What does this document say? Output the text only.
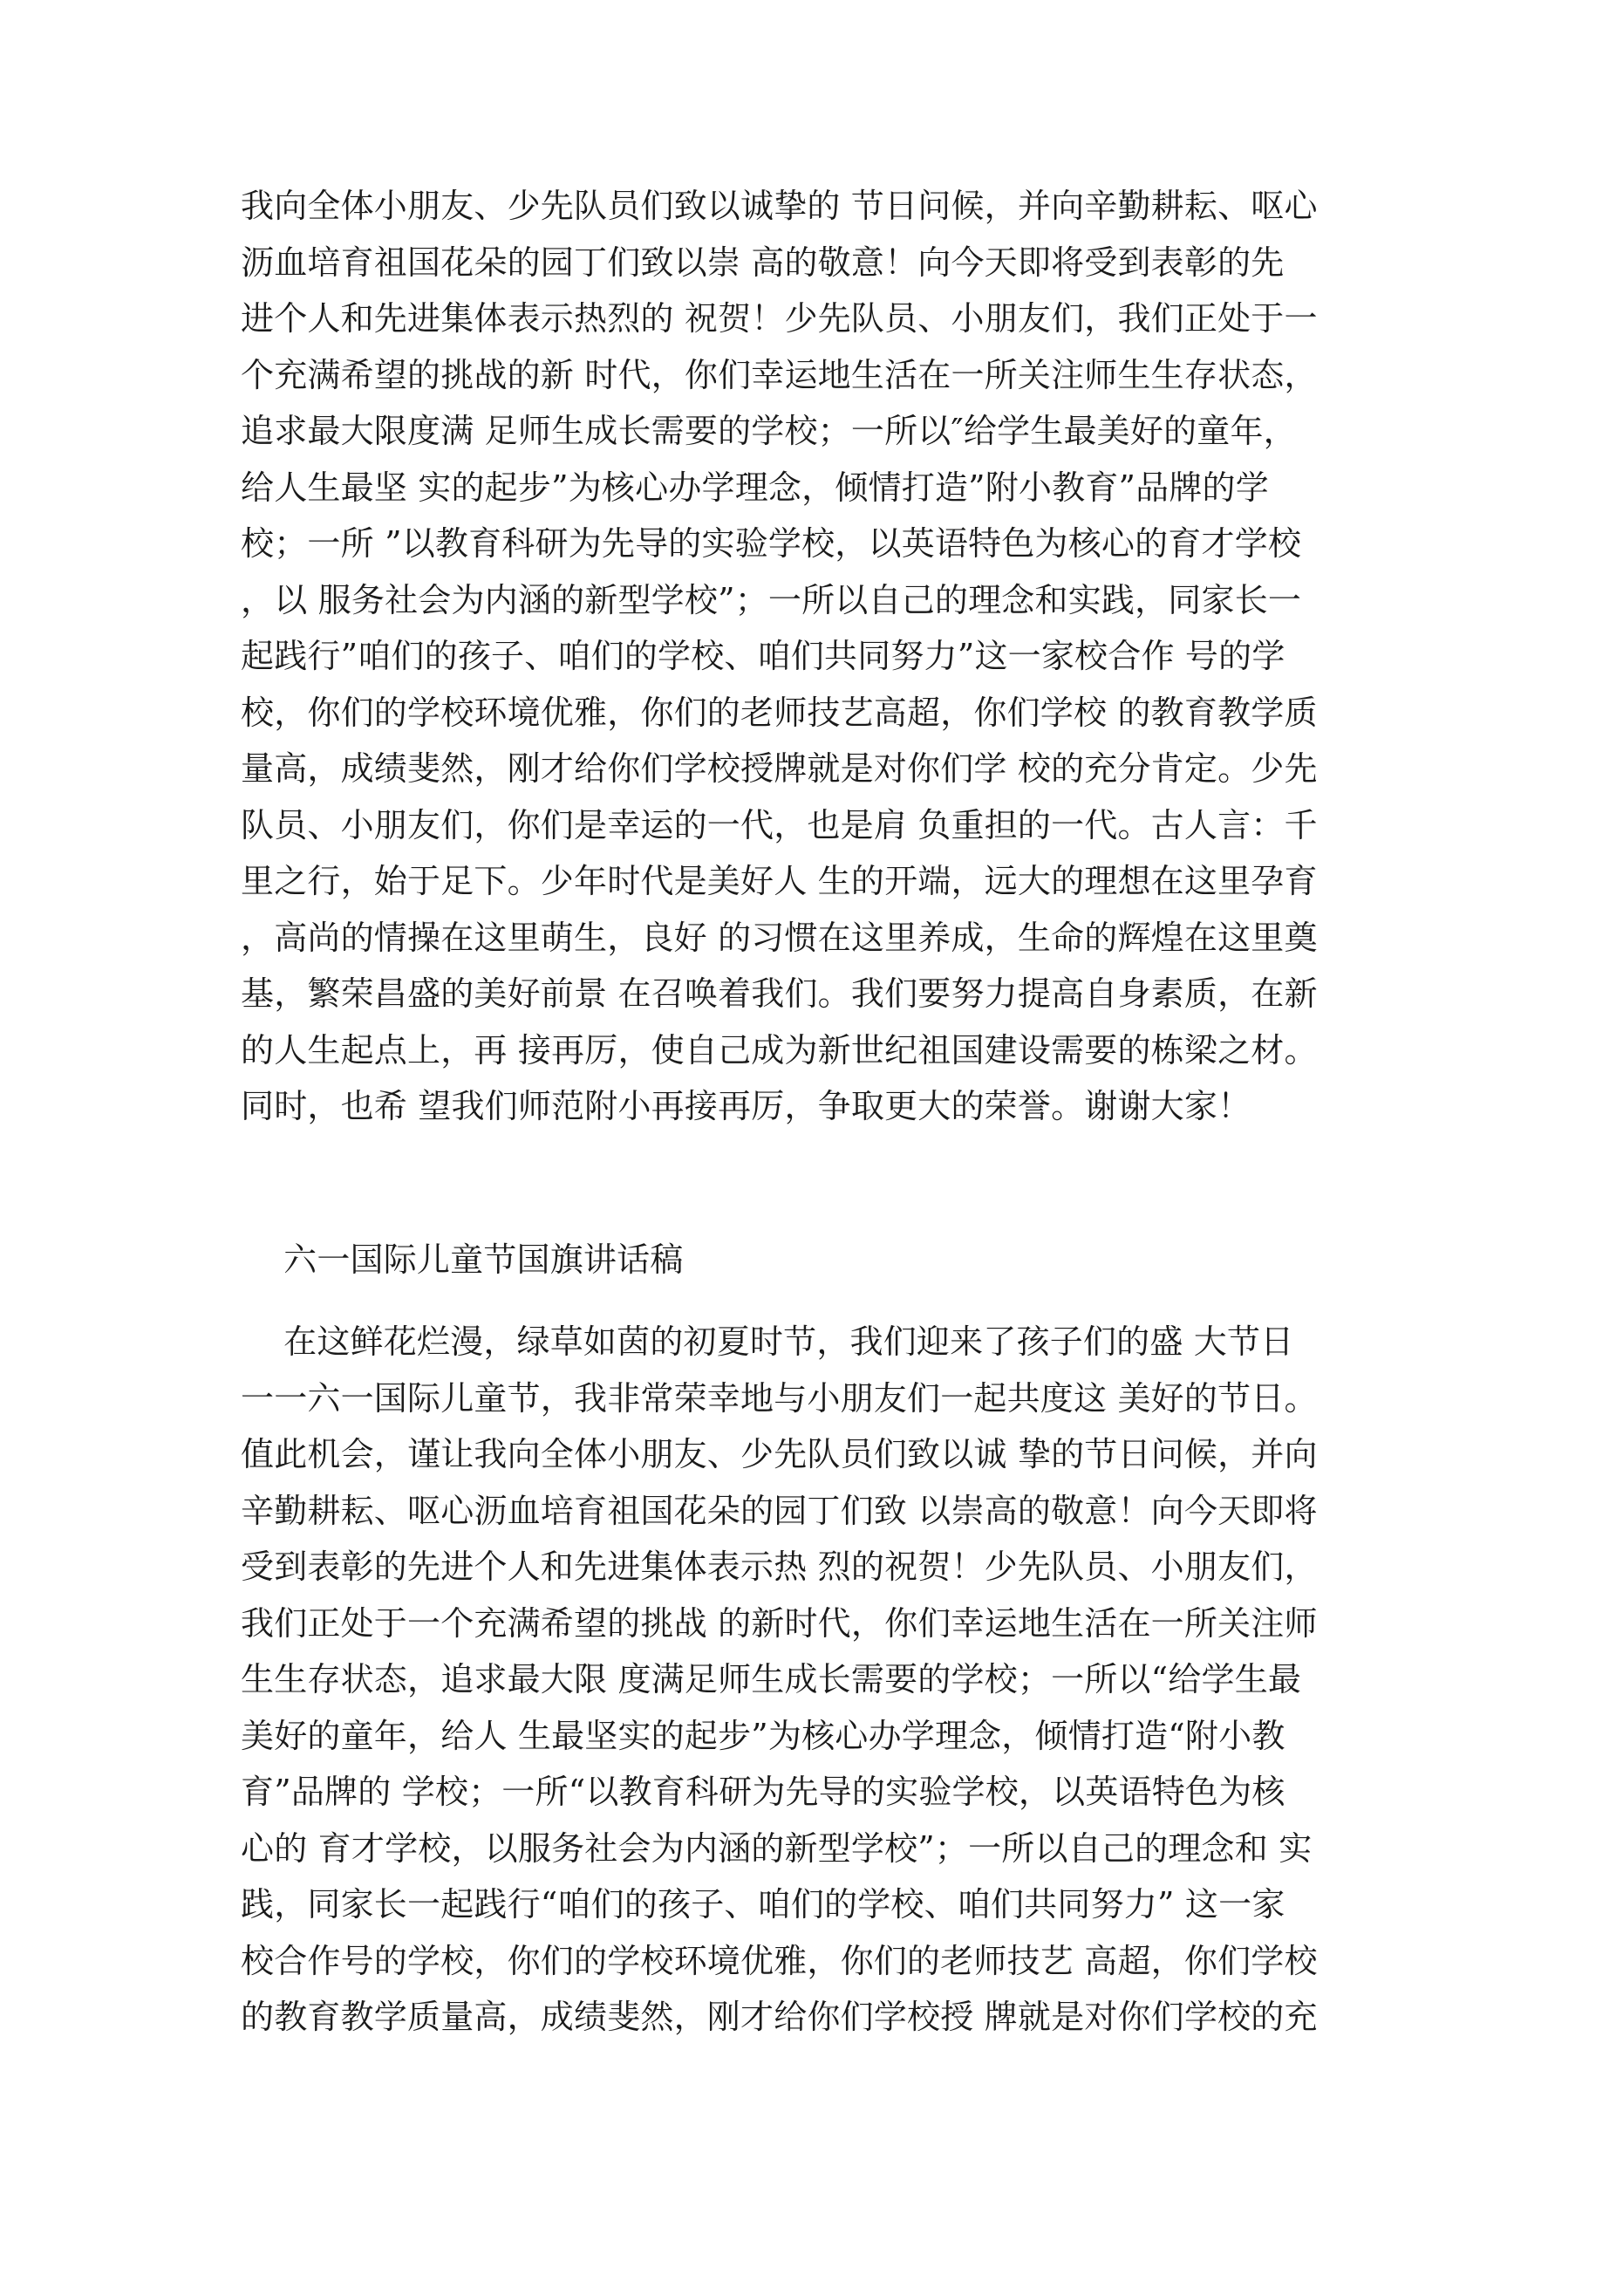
我向全体小朋友、少先队员们致以诚挚的 节日问候，并向辛勤耕耘、呕心
沥血培育祖国花朵的园丁们致以崇 高的敬意！向今天即将受到表彰的先
进个人和先进集体表示热烈的 祝贺！少先队员、小朋友们，我们正处于一
个充满希望的挑战的新 时代，你们幸运地生活在一所关注师生生存状态，
追求最大限度满 足师生成长需要的学校；一所以″给学生最美好的童年，
给人生最坚 实的起步”为核心办学理念，倾情打造”附小教育”品牌的学
校；一所 ”以教育科研为先导的实验学校，以英语特色为核心的育才学校
，以 服务社会为内涵的新型学校”；一所以自己的理念和实践，同家长一
起践行”咱们的孩子、咱们的学校、咱们共同努力”这一家校合作 号的学
校，你们的学校环境优雅，你们的老师技艺高超，你们学校 的教育教学质
量高，成绩斐然，刚才给你们学校授牌就是对你们学 校的充分肯定。少先
队员、小朋友们，你们是幸运的一代，也是肩 负重担的一代。古人言：千
里之行，始于足下。少年时代是美好人 生的开端，远大的理想在这里孕育
，高尚的情操在这里萌生，良好 的习惯在这里养成，生命的辉煌在这里奠
基，繁荣昌盛的美好前景 在召唤着我们。我们要努力提高自身素质，在新
的人生起点上，再 接再厉，使自己成为新世纪祖国建设需要的栋梁之材。
同时，也希 望我们师范附小再接再厉，争取更大的荣誉。谢谢大家！
六一国际儿童节国旗讲话稿
在这鲜花烂漫，绿草如茵的初夏时节，我们迎来了孩子们的盛 大节日
一一六一国际儿童节，我非常荣幸地与小朋友们一起共度这 美好的节日。
值此机会，谨让我向全体小朋友、少先队员们致以诚 挚的节日问候，并向
辛勤耕耘、呕心沥血培育祖国花朵的园丁们致 以崇高的敬意！向今天即将
受到表彰的先进个人和先进集体表示热 烈的祝贺！少先队员、小朋友们，
我们正处于一个充满希望的挑战 的新时代，你们幸运地生活在一所关注师
生生存状态，追求最大限 度满足师生成长需要的学校；一所以“给学生最
美好的童年，给人 生最坚实的起步”为核心办学理念，倾情打造“附小教
育”品牌的 学校；一所“以教育科研为先导的实验学校，以英语特色为核
心的 育才学校，以服务社会为内涵的新型学校”；一所以自己的理念和 实
践，同家长一起践行“咱们的孩子、咱们的学校、咱们共同努力” 这一家
校合作号的学校，你们的学校环境优雅，你们的老师技艺 高超，你们学校
的教育教学质量高，成绩斐然，刚才给你们学校授 牌就是对你们学校的充
